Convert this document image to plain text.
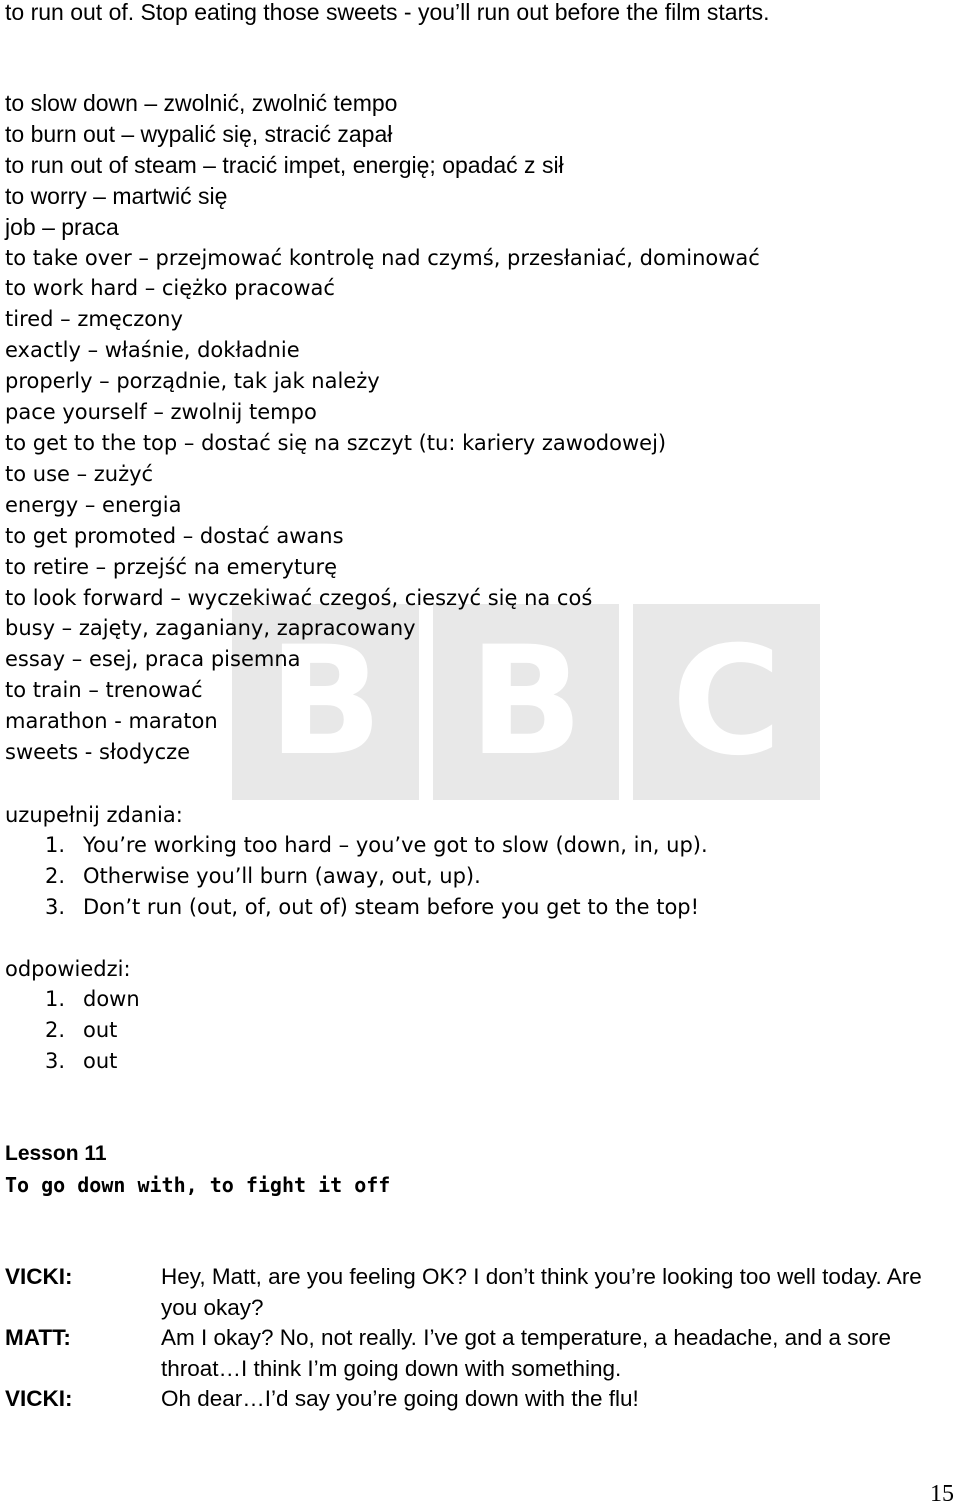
B B C

to run out of. Stop eating those sweets - you’ll run out before the film starts.

to slow down – zwolnić, zwolnić tempo
to burn out – wypalić się, stracić zapał
to run out of steam – tracić impet, energię; opadać z sił
to worry – martwić się
job – praca
to take over – przejmować kontrolę nad czymś, przesłaniać, dominować
to work hard – ciężko pracować
tired – zmęczony
exactly – właśnie, dokładnie
properly – porządnie, tak jak należy
pace yourself – zwolnij tempo
to get to the top – dostać się na szczyt (tu: kariery zawodowej)
to use – zużyć
energy – energia
to get promoted – dostać awans
to retire – przejść na emeryturę
to look forward – wyczekiwać czegoś, cieszyć się na coś
busy – zajęty, zaganiany, zapracowany
essay – esej, praca pisemna
to train – trenować
marathon - maraton
sweets - słodycze

uzupełnij zdania:

1. You’re working too hard – you’ve got to slow (down, in, up).
2. Otherwise you’ll burn (away, out, up).
3. Don’t run (out, of, out of) steam before you get to the top!

odpowiedzi:

1. down
2. out
3. out

Lesson 11

To go down with, to fight it off

VICKI:	Hey, Matt, are you feeling OK? I don’t think you’re looking too well today. Are you okay?
MATT:	Am I okay? No, not really. I’ve got a temperature, a headache, and a sore throat…I think I’m going down with something.
VICKI:	Oh dear…I’d say you’re going down with the flu!
15
